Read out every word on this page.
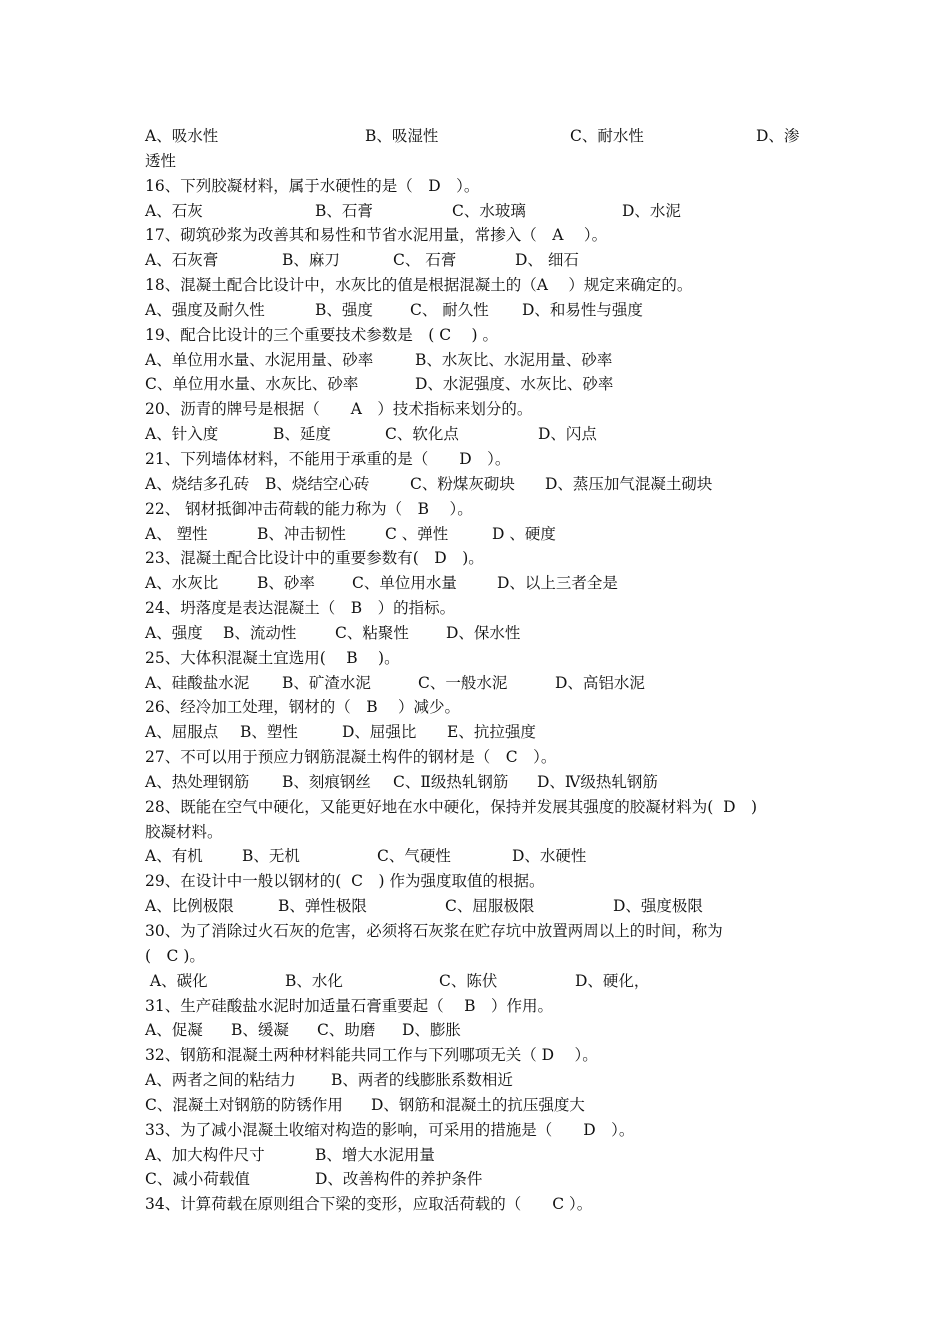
A、吸水性	B、吸湿性	C、耐水性	D、渗
透性
16、下列胶凝材料，属于水硬性的是（　D　）。
A、石灰	B、石膏	C、水玻璃	D、水泥
17、砌筑砂浆为改善其和易性和节省水泥用量，常掺入（　A　 ）。
A、石灰膏	B、麻刀	C、 石膏	D、 细石
18、混凝土配合比设计中，水灰比的值是根据混凝土的（A　 ）规定来确定的。
A、强度及耐久性	B、强度 C、 耐久性 D、和易性与强度
19、配合比设计的三个重要技术参数是　( C　 ) 。
A、单位用水量、水泥用量、砂率	B、水灰比、水泥用量、砂率
C、单位用水量、水灰比、砂率	D、水泥强度、水灰比、砂率
20、沥青的牌号是根据（　　A　）技术指标来划分的。
A、针入度	B、延度	C、软化点	D、闪点
21、下列墙体材料，不能用于承重的是（　　D　）。
A、烧结多孔砖 B、烧结空心砖	C、粉煤灰砌块 D、蒸压加气混凝土砌块
22、 钢材抵御冲击荷载的能力称为（　B　 ）。
A、 塑性	B、冲击韧性	C 、弹性	D 、硬度
23、混凝土配合比设计中的重要参数有(　D　)。
A、水灰比	B、砂率 C、单位用水量	D、以上三者全是
24、坍落度是表达混凝土（　B　）的指标。
A、强度 B、流动性 C、粘聚性 D、保水性
25、大体积混凝土宜选用(　 B　 )。
A、硅酸盐水泥 B、矿渣水泥	C、一般水泥	D、高铝水泥
26、经冷加工处理，钢材的（　B　 ）减少。
A、屈服点 B、塑性	D、屈强比 E、抗拉强度
27、不可以用于预应力钢筋混凝土构件的钢材是（　C　）。
A、热处理钢筋 B、刻痕钢丝 C、Ⅱ级热轧钢筋 D、Ⅳ级热轧钢筋
28、既能在空气中硬化，又能更好地在水中硬化，保持并发展其强度的胶凝材料为(  D　)
胶凝材料。
A、有机	B、无机	C、气硬性	D、水硬性
29、在设计中一般以钢材的(  C　) 作为强度取值的根据。
A、比例极限	B、弹性极限	C、屈服极限	D、强度极限
30、为了消除过火石灰的危害，必须将石灰浆在贮存坑中放置两周以上的时间，称为
(　C )。
A、碳化	B、水化	C、陈伏	D、硬化，
31、生产硅酸盐水泥时加适量石膏重要起（　 B　）作用。
A、促凝 B、缓凝 C、助磨 D、膨胀
32、钢筋和混凝土两种材料能共同工作与下列哪项无关（ D　 ）。
A、两者之间的粘结力 B、两者的线膨胀系数相近
C、混凝土对钢筋的防锈作用 D、钢筋和混凝土的抗压强度大
33、为了减小混凝土收缩对构造的影响，可采用的措施是（　　D　）。
A、加大构件尺寸	B、增大水泥用量
C、减小荷载值	D、改善构件的养护条件
34、计算荷载在原则组合下梁的变形，应取活荷载的（　　C ）。
